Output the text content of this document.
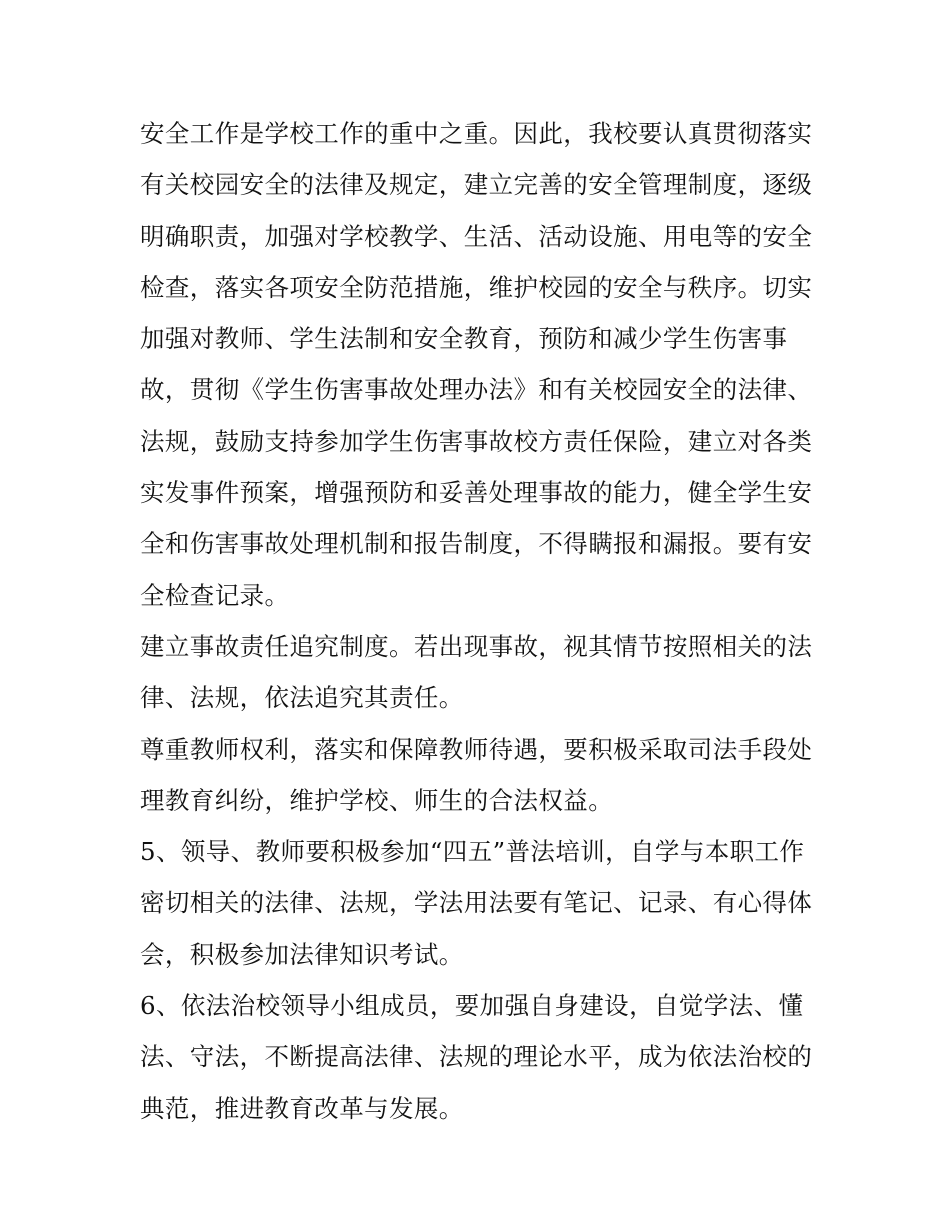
安全工作是学校工作的重中之重。因此，我校要认真贯彻落实
有关校园安全的法律及规定，建立完善的安全管理制度，逐级
明确职责，加强对学校教学、生活、活动设施、用电等的安全
检查，落实各项安全防范措施，维护校园的安全与秩序。切实
加强对教师、学生法制和安全教育，预防和减少学生伤害事
故，贯彻《学生伤害事故处理办法》和有关校园安全的法律、
法规，鼓励支持参加学生伤害事故校方责任保险，建立对各类
实发事件预案，增强预防和妥善处理事故的能力，健全学生安
全和伤害事故处理机制和报告制度，不得瞒报和漏报。要有安
全检查记录。

建立事故责任追究制度。若出现事故，视其情节按照相关的法
律、法规，依法追究其责任。

尊重教师权利，落实和保障教师待遇，要积极采取司法手段处
理教育纠纷，维护学校、师生的合法权益。

5、领导、教师要积极参加“四五”普法培训，自学与本职工作
密切相关的法律、法规，学法用法要有笔记、记录、有心得体
会，积极参加法律知识考试。

6、依法治校领导小组成员，要加强自身建设，自觉学法、懂
法、守法，不断提高法律、法规的理论水平，成为依法治校的
典范，推进教育改革与发展。
